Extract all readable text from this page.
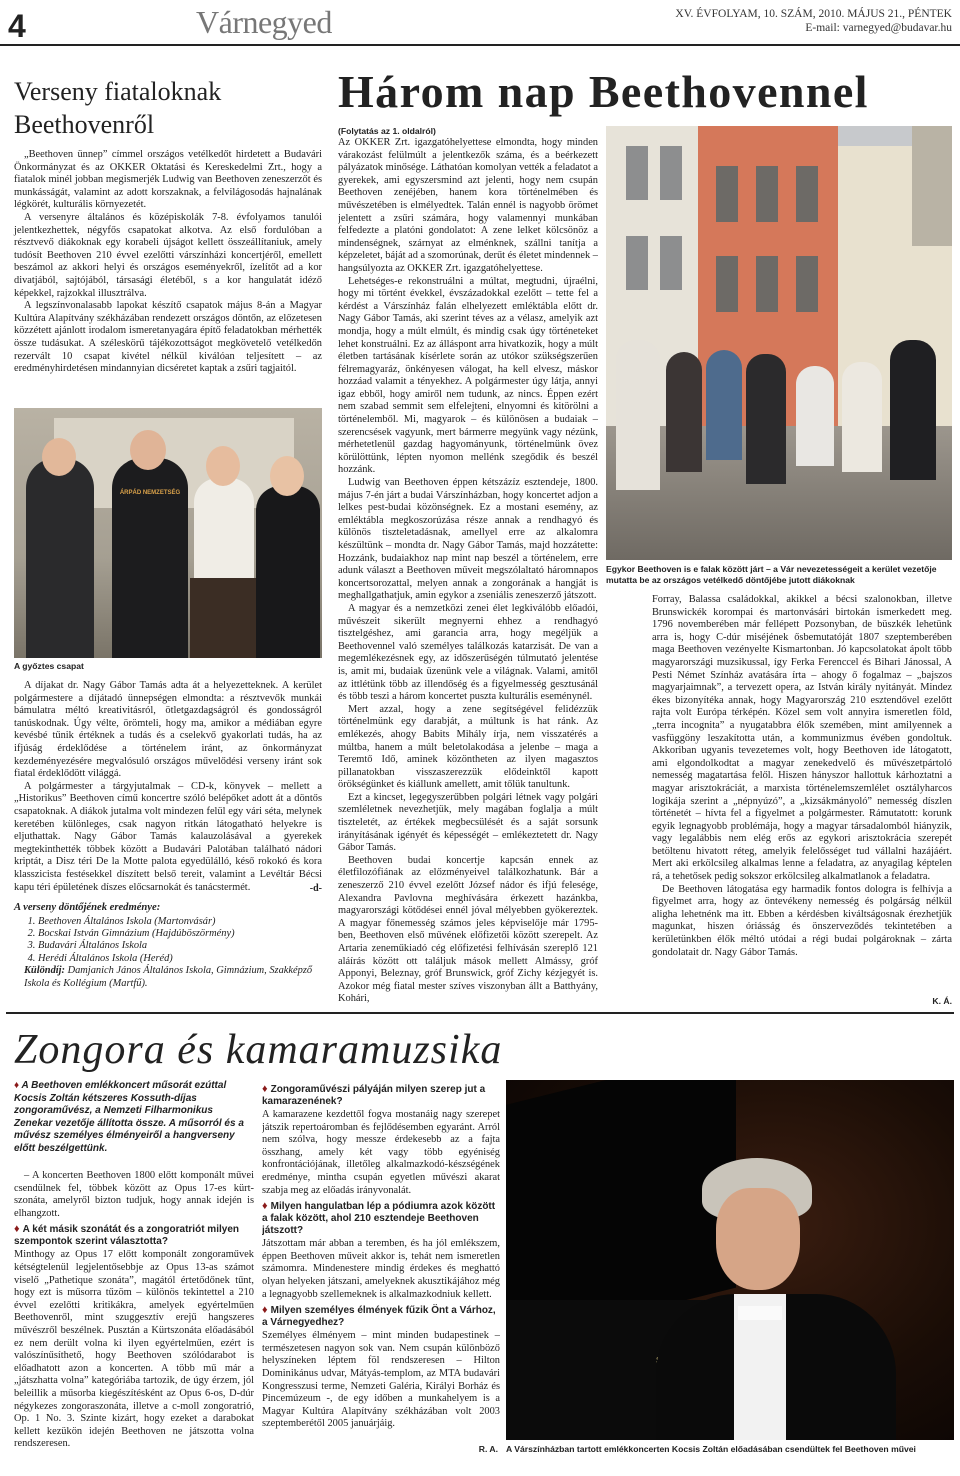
4	Várnegyed	XV. ÉVFOLYAM, 10. SZÁM, 2010. MÁJUS 21., PÉNTEK
E-mail: varnegyed@budavar.hu
Verseny fiataloknak
Beethovenről

„Beethoven ünnep” címmel országos vetélkedőt hirdetett a Budavári Önkormányzat és az OKKER Oktatási és Kereskedelmi Zrt., hogy a fiatalok minél jobban megismerjék Ludwig van Beethoven zeneszerzőt és munkásságát, valamint az adott korszaknak, a felvilágosodás hajnalának légkörét, kulturális környezetét.

A versenyre általános és középiskolák 7-8. évfolyamos tanulói jelentkezhettek, négyfős csapatokat alkotva. Az első fordulóban a résztvevő diákoknak egy korabeli újságot kellett összeállítaniuk, amely tudósít Beethoven 210 évvel ezelőtti várszínházi koncertjéről, emellett beszámol az akkori helyi és országos eseményekről, ízelítőt ad a kor divatjából, sajtójából, társasági életéből, s a kor hangulatát idéző képekkel, rajzokkal illusztrálva.

A legszínvonalasabb lapokat készítő csapatok május 8-án a Magyar Kultúra Alapítvány székházában rendezett országos döntőn, az előzetesen közzétett ajánlott irodalom ismeretanyagára építő feladatokban mérhették össze tudásukat. A széleskörű tájékozottságot megkövetelő vetélkedőn rezervált 10 csapat kivétel nélkül kiválóan teljesített – az eredményhirdetésen mindannyian dicséretet kaptak a zsűri tagjaitól.

ÁRPÁD NEMZETSÉG
A győztes csapat

A díjakat dr. Nagy Gábor Tamás adta át a helyezetteknek. A kerület polgármestere a díjátadó ünnepségen elmondta: a résztvevők munkái bámulatra méltó kreativitásról, ötletgazdagságról és gondosságról tanúskodnak. Úgy vélte, örömteli, hogy ma, amikor a médiában egyre kevésbé tűnik értéknek a tudás és a cselekvő gyakorlati tudás, ha az ifjúság érdeklődése a történelem iránt, az önkormányzat kezdeményezésére megvalósuló országos művelődési verseny iránt sok fiatal érdeklődött világgá.

A polgármester a tárgyjutalmak – CD-k, könyvek – mellett a „Historikus” Beethoven című koncertre szóló belépőket adott át a döntős csapatoknak. A diákok jutalma volt mindezen felül egy vári séta, melynek keretében különleges, csak nagyon ritkán látogatható helyekre is eljuthattak. Nagy Gábor Tamás kalauzolásával a gyerekek megtekinthették többek között a Budavári Palotában található nádori kriptát, a Disz téri De la Motte palota egyedülálló, késő rokokó és kora klasszicista festésekkel díszített belső tereit, valamint a Levéltár Bécsi kapu téri épületének díszes előcsarnokát és tanácstermét.	-d-

A verseny döntőjének eredménye:

1. Beethoven Általános Iskola (Martonvásár)
2. Bocskai István Gimnázium (Hajdúböszörmény)
3. Budavári Általános Iskola
4. Herédi Általános Iskola (Heréd)

Különdíj: Damjanich János Általános Iskola, Gimnázium, Szakképző Iskola és Kollégium (Martfű).

Három nap Beethovennel
Egykor Beethoven is e falak között járt – a Vár nevezetességeit a kerület vezetője mutatta be az országos vetélkedő döntőjébe jutott diákoknak
(Folytatás az 1. oldalról)

Az OKKER Zrt. igazgatóhelyettese elmondta, hogy minden várakozást felülmúlt a jelentkezők száma, és a beérkezett pályázatok minősége. Láthatóan komolyan vették a feladatot a gyerekek, ami egyszersmind azt jelenti, hogy nem csupán Beethoven zenéjében, hanem kora történelmében és művészetében is elmélyedtek. Talán ennél is nagyobb örömet jelentett a zsűri számára, hogy valamennyi munkában felfedezte a platóni gondolatot: A zene lelket kölcsönöz a mindenségnek, szárnyat az elménknek, szállni tanítja a képzeletet, báját ad a szomorúnak, derűt és életet mindennek – hangsúlyozta az OKKER Zrt. igazgatóhelyettese.

Lehetséges-e rekonstruálni a múltat, megtudni, újraélni, hogy mi történt évekkel, évszázadokkal ezelőtt – tette fel a kérdést a Várszínház falán elhelyezett emléktábla előtt dr. Nagy Gábor Tamás, aki szerint téves az a vélasz, amelyik azt mondja, hogy a múlt elmúlt, és mindig csak úgy történeteket lehet konstruálni. Ez az álláspont arra hivatkozik, hogy a múlt életben tartásának kísérlete során az utókor szükségszerűen félremagyaráz, önkényesen válogat, ha kell elvesz, máskor hozzáad valamit a tényekhez. A polgármester úgy látja, annyi igaz ebből, hogy amiről nem tudunk, az nincs. Éppen ezért nem szabad semmit sem elfelejteni, elnyomni és kitörölni a történelemből. Mi, magyarok – és különösen a budaiak – szerencsések vagyunk, mert bármerre megyünk vagy nézünk, mérhetetlenül gazdag hagyományunk, történelmünk övez körülöttünk, lépten nyomon mellénk szegődik és beszél hozzánk.

Ludwig van Beethoven éppen kétszázíz esztendeje, 1800. május 7-én járt a budai Várszínházban, hogy koncertet adjon a lelkes pest-budai közönségnek. Ez a mostani esemény, az emléktábla megkoszorúzása része annak a rendhagyó és különös tiszteletadásnak, amellyel erre az alkalomra készültünk – mondta dr. Nagy Gábor Tamás, majd hozzátette: Hozzánk, budaiakhoz nap mint nap beszél a történelem, erre adunk választ a Beethoven műveit megszólaltató háromnapos koncertsorozattal, melyen annak a zongorának a hangját is meghallgathatjuk, amin egykor a zseniális zeneszerző játszott.

A magyar és a nemzetközi zenei élet legkiválóbb előadói, művészeit sikerült megnyerni ehhez a rendhagyó tisztelgéshez, ami garancia arra, hogy megéljük a Beethovennel való személyes találkozás katarzisát. De van a megemlékezésnek egy, az időszerűségén túlmutató jelentése is, amit mi, budaiak üzenünk vele a világnak. Valami, amitől az ittlétünk több az illendőség és a figyelmesség gesztusánál és több teszi a három koncertet puszta kulturális eseménynél.

Mert azzal, hogy a zene segítségével felidézzük történelmünk egy darabját, a múltunk is hat ránk. Az emlékezés, ahogy Babits Mihály írja, nem visszatérés a múltba, hanem a múlt beletolakodása a jelenbe – maga a Teremtő Idő, aminek közöntheten az ilyen magasztos pillanatokban visszaszerezzük elődeinktől kapott örökségünket és kiállunk amellett, amit tőlük tanultunk.

Ezt a kincset, legegyszerűbben polgári létnek vagy polgári szemléletnek nevezhetjük, mely magában foglalja a múlt tiszteletét, az értékek megbecsülését és a saját sorsunk irányításának igényét és képességét – emlékeztetett dr. Nagy Gábor Tamás.

Beethoven budai koncertje kapcsán ennek az életfilozófiának az előzményeivel találkozhatunk. Bár a zeneszerző 210 évvel ezelőtt József nádor és ifjú felesége, Alexandra Pavlovna meghívására érkezett hazánkba, magyarországi kötődései ennél jóval mélyebben gyökereztek. A magyar főnemesség számos jeles képviselője már 1795-ben, Beethoven első művének előfizetői között szerepelt. Az Artaria zeneműkiadó cég előfizetési felhívásán szereplő 121 aláírás között ott találjuk mások mellett Almássy, gróf Apponyi, Beleznay, gróf Brunswick, gróf Zichy kézjegyét is. Azokor még fiatal mester szíves viszonyban állt a Batthyány, Kohári,

Forray, Balassa családokkal, akikkel a bécsi szalonokban, illetve Brunswickék korompai és martonvásári birtokán ismerkedett meg. 1796 novemberében már fellépett Pozsonyban, de büszkék lehetünk arra is, hogy C-dúr miséjének ősbemutatóját 1807 szeptemberében maga Beethoven vezényelte Kismartonban. Jó kapcsolatokat ápolt több magyarországi muzsikussal, így Ferka Ferenccel és Bihari Jánossal, A Pesti Német Színház avatására írta – ahogy ő fogalmaz – „bajszos magyarjaimnak”, a tervezett opera, az István király nyitányát. Mindez ékes bizonyítéka annak, hogy Magyarország 210 esztendővel ezelőtt rajta volt Európa térképén. Közel sem volt annyira ismeretlen föld, „terra incognita” a nyugatabbra élők szemében, mint amilyennek a vasfüggöny leszakította után, a kommunizmus évében gondoltuk. Akkoriban ugyanis tevezetemes volt, hogy Beethoven ide látogatott, ami elgondolkodtat a magyar zenekedvelő és művészetpártoló nemesség magatartása felől. Hiszen hányszor hallottuk kárhoztatni a magyar arisztokráciát, a marxista történelemszemlélet osztályharcos logikája szerint a „népnyúzó”, a „kizsákmányoló” nemesség díszlen történetét – hívta fel a figyelmet a polgármester. Rámutatott: korunk egyik legnagyobb problémája, hogy a magyar társadalomból hiányzik, vagy legalábbis nem elég erős az egykori arisztokrácia szerepét betöltenu hivatott réteg, amelyik felelősséget tud vállalni hazájáért. Mert aki erkölcsileg alkalmas lenne a feladatra, az anyagilag képtelen rá, a tehetősek pedig sokszor erkölcsileg alkalmatlanok a feladatra.

De Beethoven látogatása egy harmadik fontos dologra is felhívja a figyelmet arra, hogy az öntevékeny nemesség és polgárság nélkül aligha lehetnénk ma itt. Ebben a kérdésben kiváltságosnak érezhetjük magunkat, hiszen óriásság és önszerveződés tekintetében a kerületünkben élők méltó utódai a régi budai polgároknak – zárta gondolatait dr. Nagy Gábor Tamás.

K. Á.
Zongora és kamaramuzsika

♦ A Beethoven emlékkoncert műsorát ezúttal Kocsis Zoltán kétszeres Kossuth-díjas zongoraművész, a Nemzeti Filharmonikus Zenekar vezetője állította össze. A műsorról és a művész személyes élményeiről a hangverseny előtt beszélgettünk.

– A koncerten Beethoven 1800 előtt komponált művei csendülnek fel, többek között az Opus 17-es kürt-szonáta, amelyről bizton tudjuk, hogy annak idején is elhangzott.

♦ A két másik szonátát és a zongoratriót milyen szempontok szerint választotta?

Minthogy az Opus 17 előtt komponált zongoraművek kétségtelenül legjelentősebbje az Opus 13-as számot viselő „Pathetique szonáta”, magától értetődőnek tűnt, hogy ezt is műsorra tűzöm – különös tekintettel a 210 évvel ezelőtti kritikákra, amelyek egyértelműen Beethovenről, mint szuggesztív erejű hangszeres művészről beszélnek. Pusztán a Kürtszonáta előadásából ez nem derült volna ki ilyen egyértelműen, ezért is valószínűsíthető, hogy Beethoven szólódarabot is előadhatott azon a koncerten. A több mű már a „játszhatta volna” kategóriába tartozik, de úgy érzem, jól beleillik a műsorba kiegészítésként az Opus 6-os, D-dúr négykezes zongoraszonáta, illetve a c-moll zongoratrió, Op. 1 No. 3. Szinte kizárt, hogy ezeket a darabokat kellett kezükön idején Beethoven ne játszotta volna rendszeresen.

♦ Zongoraművészi pályáján milyen szerep jut a kamarazenének?

A kamarazene kezdettől fogva mostanáig nagy szerepet játszik repertoáromban és fejlődésemben egyaránt. Arról nem szólva, hogy messze érdekesebb az a fajta összhang, amely két vagy több egyéniség konfrontációjának, illetőleg alkalmazkodó-készségének eredménye, mintha csupán egyetlen művészi akarat szabja meg az előadás irányvonalát.

♦ Milyen hangulatban lép a pódiumra azok között a falak között, ahol 210 esztendeje Beethoven játszott?

Játszottam már abban a teremben, és ha jól emlékszem, éppen Beethoven műveit akkor is, tehát nem ismeretlen számomra. Mindenestere mindig érdekes és meghattó olyan helyeken játszani, amelyeknek akusztikájához még a legnagyobb szellemeknek is alkalmazkodniuk kellett.

♦ Milyen személyes élmények fűzik Önt a Várhoz, a Várnegyedhez?

Személyes élményem – mint minden budapestinek – természetesen nagyon sok van. Nem csupán különböző helyszíneken léptem föl rendszeresen – Hilton Dominikánus udvar, Mátyás-templom, az MTA budavári Kongresszusi terme, Nemzeti Galéria, Királyi Borház és Pincemúzeum -, de egy időben a munkahelyem is a Magyar Kultúra Alapítvány székházában volt 2003 szeptemberétől 2005 januárjáig.

R. A. A Várszínházban tartott emlékkoncerten Kocsis Zoltán előadásában csendültek fel Beethoven művei
